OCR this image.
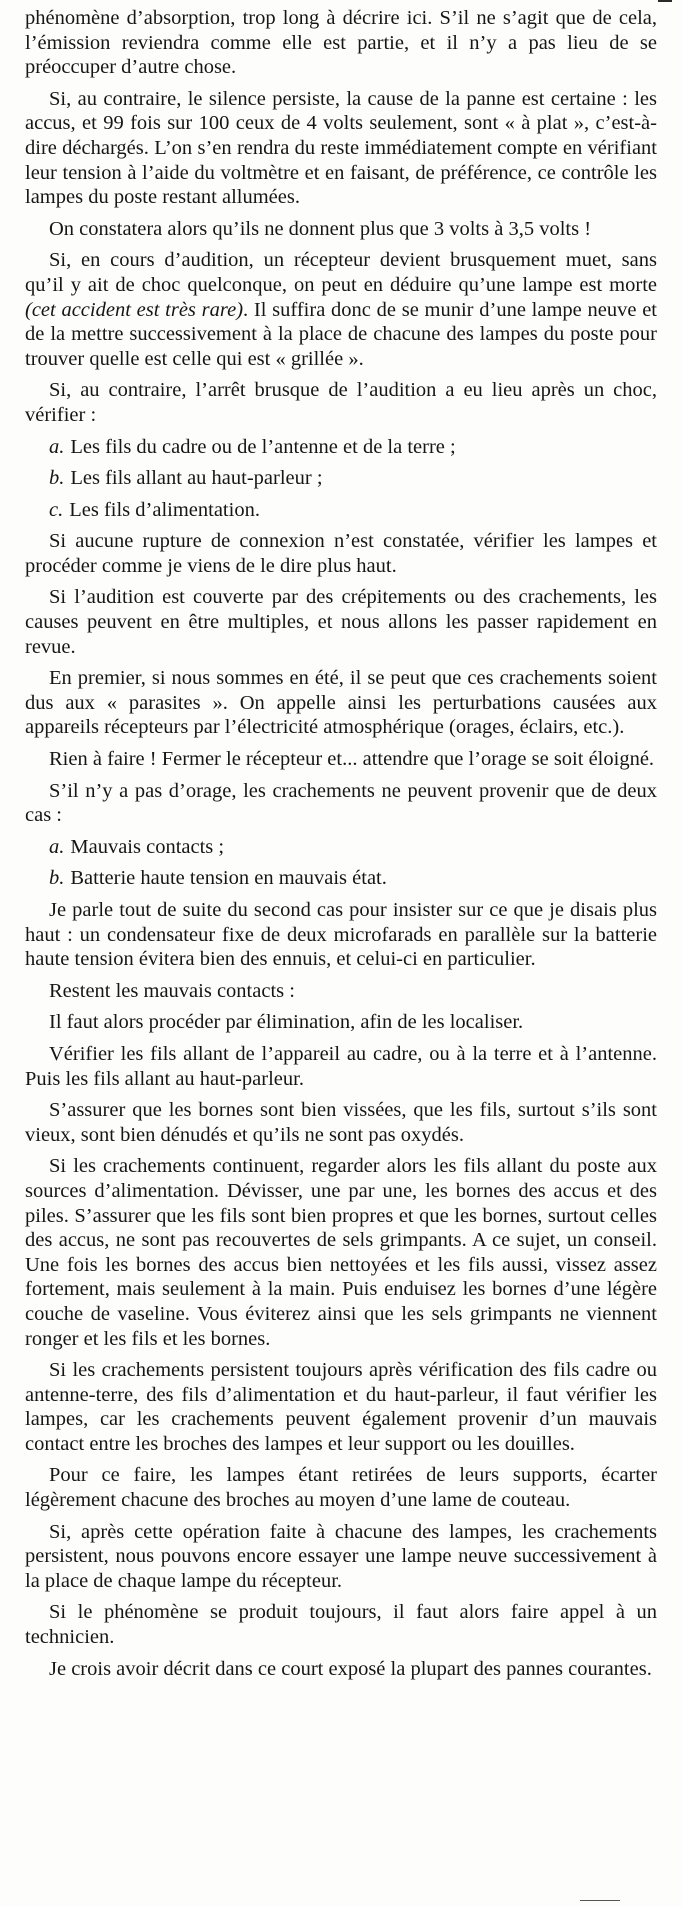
phénomène d’absorption, trop long à décrire ici. S’il ne s’agit que de cela, l’émission reviendra comme elle est partie, et il n’y a pas lieu de se préoccuper d’autre chose.

Si, au contraire, le silence persiste, la cause de la panne est certaine : les accus, et 99 fois sur 100 ceux de 4 volts seulement, sont « à plat », c’est-à-dire déchargés. L’on s’en rendra du reste immédiatement compte en vérifiant leur tension à l’aide du voltmètre et en faisant, de préférence, ce contrôle les lampes du poste restant allumées.

On constatera alors qu’ils ne donnent plus que 3 volts à 3,5 volts !

Si, en cours d’audition, un récepteur devient brusquement muet, sans qu’il y ait de choc quelconque, on peut en déduire qu’une lampe est morte (cet accident est très rare). Il suffira donc de se munir d’une lampe neuve et de la mettre successivement à la place de chacune des lampes du poste pour trouver quelle est celle qui est « grillée ».

Si, au contraire, l’arrêt brusque de l’audition a eu lieu après un choc, vérifier :

a. Les fils du cadre ou de l’antenne et de la terre ;
b. Les fils allant au haut-parleur ;
c. Les fils d’alimentation.

Si aucune rupture de connexion n’est constatée, vérifier les lampes et procéder comme je viens de le dire plus haut.

Si l’audition est couverte par des crépitements ou des crachements, les causes peuvent en être multiples, et nous allons les passer rapidement en revue.

En premier, si nous sommes en été, il se peut que ces crachements soient dus aux « parasites ». On appelle ainsi les perturbations causées aux appareils récepteurs par l’électricité atmosphérique (orages, éclairs, etc.).

Rien à faire ! Fermer le récepteur et... attendre que l’orage se soit éloigné.

S’il n’y a pas d’orage, les crachements ne peuvent provenir que de deux cas :

a. Mauvais contacts ;
b. Batterie haute tension en mauvais état.

Je parle tout de suite du second cas pour insister sur ce que je disais plus haut : un condensateur fixe de deux microfarads en parallèle sur la batterie haute tension évitera bien des ennuis, et celui-ci en particulier.

Restent les mauvais contacts :

Il faut alors procéder par élimination, afin de les localiser.

Vérifier les fils allant de l’appareil au cadre, ou à la terre et à l’antenne. Puis les fils allant au haut-parleur.

S’assurer que les bornes sont bien vissées, que les fils, surtout s’ils sont vieux, sont bien dénudés et qu’ils ne sont pas oxydés.

Si les crachements continuent, regarder alors les fils allant du poste aux sources d’alimentation. Dévisser, une par une, les bornes des accus et des piles. S’assurer que les fils sont bien propres et que les bornes, surtout celles des accus, ne sont pas recouvertes de sels grimpants. A ce sujet, un conseil. Une fois les bornes des accus bien nettoyées et les fils aussi, vissez assez fortement, mais seulement à la main. Puis enduisez les bornes d’une légère couche de vaseline. Vous éviterez ainsi que les sels grimpants ne viennent ronger et les fils et les bornes.

Si les crachements persistent toujours après vérification des fils cadre ou antenne-terre, des fils d’alimentation et du haut-parleur, il faut vérifier les lampes, car les crachements peuvent également provenir d’un mauvais contact entre les broches des lampes et leur support ou les douilles.

Pour ce faire, les lampes étant retirées de leurs supports, écarter légèrement chacune des broches au moyen d’une lame de couteau.

Si, après cette opération faite à chacune des lampes, les crachements persistent, nous pouvons encore essayer une lampe neuve successivement à la place de chaque lampe du récepteur.

Si le phénomène se produit toujours, il faut alors faire appel à un technicien.

Je crois avoir décrit dans ce court exposé la plupart des pannes courantes.
